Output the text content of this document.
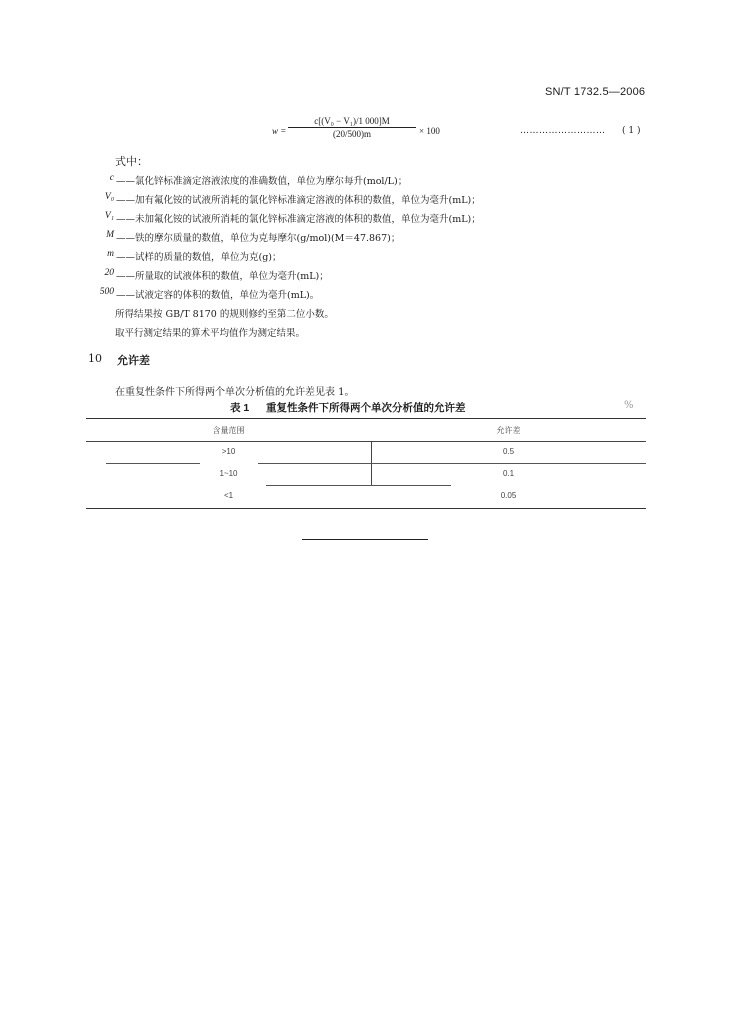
SN/T 1732.5—2006
w =
c[(V₀ − V₁)/1 000]M
(20/500)m	× 100	……………………… ( 1 )
式中：
c ——氯化锌标准滴定溶液浓度的准确数值，单位为摩尔每升(mol/L)；
V₀ ——加有氟化铵的试液所消耗的氯化锌标准滴定溶液的体积的数值，单位为毫升(mL)；
V₁ ——未加氟化铵的试液所消耗的氯化锌标准滴定溶液的体积的数值，单位为毫升(mL)；
M ——铁的摩尔质量的数值，单位为克每摩尔(g/mol)(M＝47.867)；
m ——试样的质量的数值，单位为克(g)；
20 ——所量取的试液体积的数值，单位为毫升(mL)；
500 ——试液定容的体积的数值，单位为毫升(mL)。
所得结果按 GB/T 8170 的规则修约至第二位小数。
取平行测定结果的算术平均值作为测定结果。
10 允许差
在重复性条件下所得两个单次分析值的允许差见表 1。
表 1 重复性条件下所得两个单次分析值的允许差	%
含量范围	允许差
>10	0.5
1~10	0.1
<1	0.05
